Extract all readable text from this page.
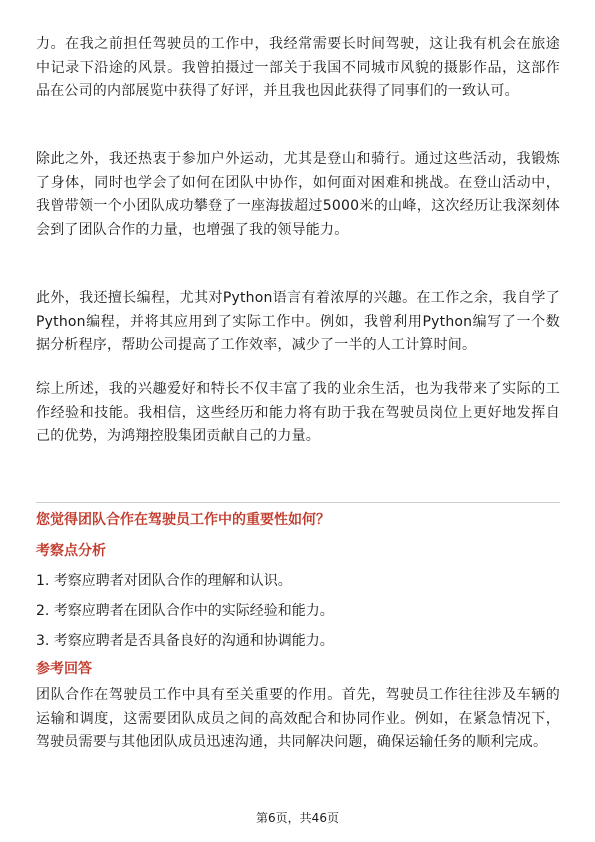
力。在我之前担任驾驶员的工作中，我经常需要长时间驾驶，这让我有机会在旅途中记录下沿途的风景。我曾拍摄过一部关于我国不同城市风貌的摄影作品，这部作品在公司的内部展览中获得了好评，并且我也因此获得了同事们的一致认可。

除此之外，我还热衷于参加户外运动，尤其是登山和骑行。通过这些活动，我锻炼了身体，同时也学会了如何在团队中协作，如何面对困难和挑战。在登山活动中，我曾带领一个小团队成功攀登了一座海拔超过5000米的山峰，这次经历让我深刻体会到了团队合作的力量，也增强了我的领导能力。

此外，我还擅长编程，尤其对Python语言有着浓厚的兴趣。在工作之余，我自学了Python编程，并将其应用到了实际工作中。例如，我曾利用Python编写了一个数据分析程序，帮助公司提高了工作效率，减少了一半的人工计算时间。

综上所述，我的兴趣爱好和特长不仅丰富了我的业余生活，也为我带来了实际的工作经验和技能。我相信，这些经历和能力将有助于我在驾驶员岗位上更好地发挥自己的优势，为鸿翔控股集团贡献自己的力量。

您觉得团队合作在驾驶员工作中的重要性如何？

考察点分析

1. 考察应聘者对团队合作的理解和认识。
2. 考察应聘者在团队合作中的实际经验和能力。
3. 考察应聘者是否具备良好的沟通和协调能力。

参考回答

团队合作在驾驶员工作中具有至关重要的作用。首先，驾驶员工作往往涉及车辆的运输和调度，这需要团队成员之间的高效配合和协同作业。例如，在紧急情况下，驾驶员需要与其他团队成员迅速沟通，共同解决问题，确保运输任务的顺利完成。

第6页，共46页
